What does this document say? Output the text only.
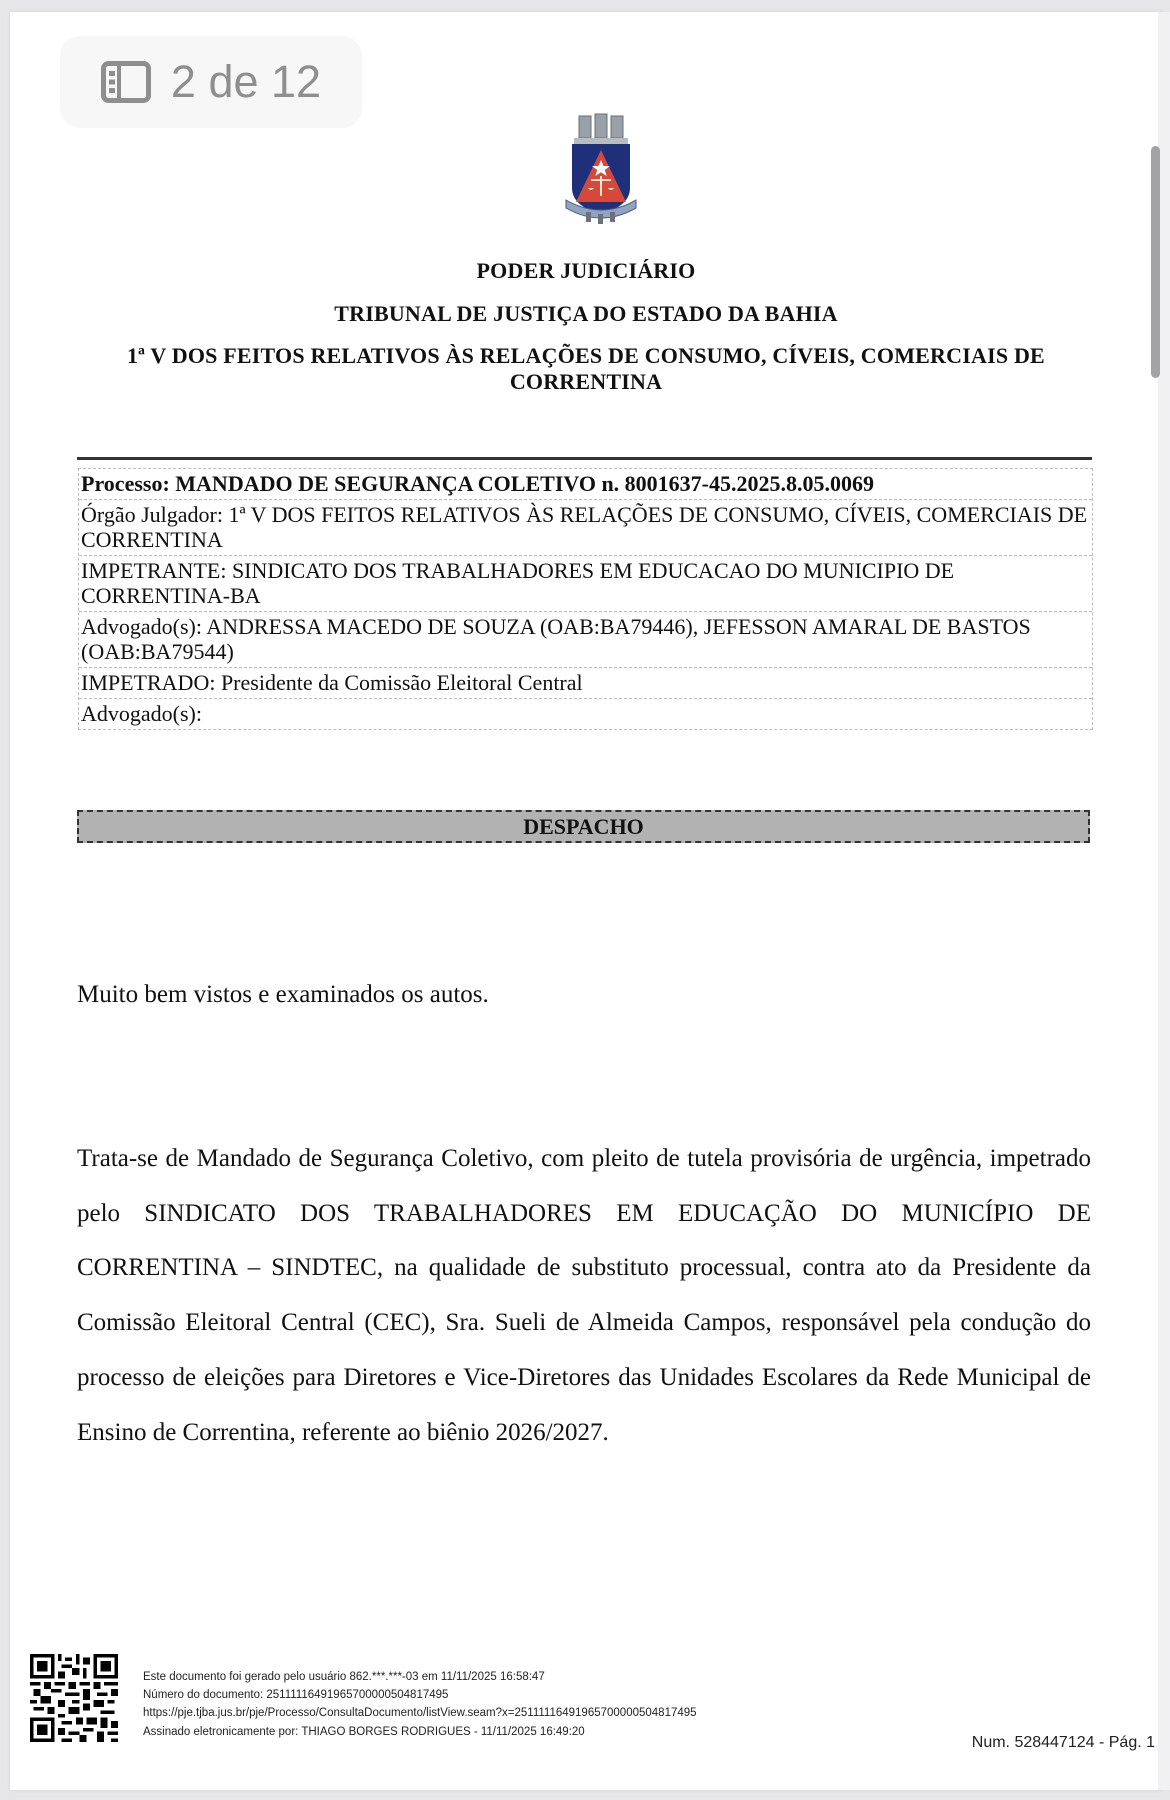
2 de 12
PODER JUDICIÁRIO
TRIBUNAL DE JUSTIÇA DO ESTADO DA BAHIA
1ª V DOS FEITOS RELATIVOS ÀS RELAÇÕES DE CONSUMO, CÍVEIS, COMERCIAIS DE CORRENTINA
Processo: MANDADO DE SEGURANÇA COLETIVO n. 8001637-45.2025.8.05.0069
Órgão Julgador: 1ª V DOS FEITOS RELATIVOS ÀS RELAÇÕES DE CONSUMO, CÍVEIS, COMERCIAIS DE CORRENTINA
IMPETRANTE: SINDICATO DOS TRABALHADORES EM EDUCACAO DO MUNICIPIO DE CORRENTINA-BA
Advogado(s): ANDRESSA MACEDO DE SOUZA (OAB:BA79446), JEFESSON AMARAL DE BASTOS (OAB:BA79544)
IMPETRADO: Presidente da Comissão Eleitoral Central
Advogado(s):
DESPACHO
Muito bem vistos e examinados os autos.
Trata-se de Mandado de Segurança Coletivo, com pleito de tutela provisória de urgência, impetrado pelo SINDICATO DOS TRABALHADORES EM EDUCAÇÃO DO MUNICÍPIO DE CORRENTINA – SINDTEC, na qualidade de substituto processual, contra ato da Presidente da Comissão Eleitoral Central (CEC), Sra. Sueli de Almeida Campos, responsável pela condução do processo de eleições para Diretores e Vice-Diretores das Unidades Escolares da Rede Municipal de Ensino de Correntina, referente ao biênio 2026/2027.
Este documento foi gerado pelo usuário 862.***.***-03 em 11/11/2025 16:58:47
Número do documento: 25111116491965700000504817495
https://pje.tjba.jus.br/pje/Processo/ConsultaDocumento/listView.seam?x=25111116491965700000504817495
Assinado eletronicamente por: THIAGO BORGES RODRIGUES - 11/11/2025 16:49:20
Num. 528447124 - Pág. 1
